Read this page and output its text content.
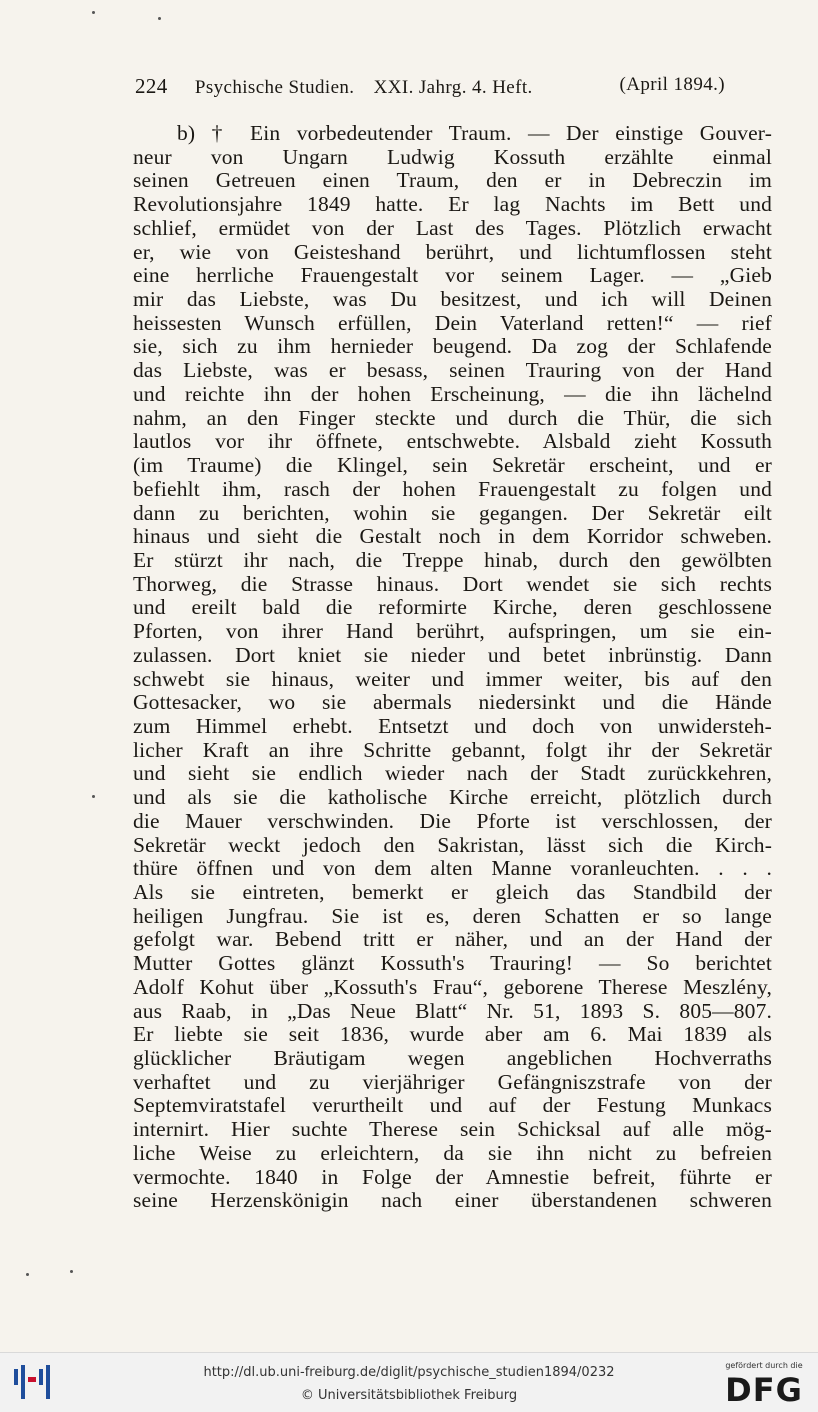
224 Psychische Studien. XXI. Jahrg. 4. Heft.	(April 1894.)
b) † Ein vorbedeutender Traum. — Der einstige Gouver-
neur von Ungarn Ludwig Kossuth erzählte einmal
seinen Getreuen einen Traum, den er in Debreczin im
Revolutionsjahre 1849 hatte. Er lag Nachts im Bett und
schlief, ermüdet von der Last des Tages. Plötzlich erwacht
er, wie von Geisteshand berührt, und lichtumflossen steht
eine herrliche Frauengestalt vor seinem Lager. — „Gieb
mir das Liebste, was Du besitzest, und ich will Deinen
heissesten Wunsch erfüllen, Dein Vaterland retten!“ — rief
sie, sich zu ihm hernieder beugend. Da zog der Schlafende
das Liebste, was er besass, seinen Trauring von der Hand
und reichte ihn der hohen Erscheinung, — die ihn lächelnd
nahm, an den Finger steckte und durch die Thür, die sich
lautlos vor ihr öffnete, entschwebte. Alsbald zieht Kossuth
(im Traume) die Klingel, sein Sekretär erscheint, und er
befiehlt ihm, rasch der hohen Frauengestalt zu folgen und
dann zu berichten, wohin sie gegangen. Der Sekretär eilt
hinaus und sieht die Gestalt noch in dem Korridor schweben.
Er stürzt ihr nach, die Treppe hinab, durch den gewölbten
Thorweg, die Strasse hinaus. Dort wendet sie sich rechts
und ereilt bald die reformirte Kirche, deren geschlossene
Pforten, von ihrer Hand berührt, aufspringen, um sie ein-
zulassen. Dort kniet sie nieder und betet inbrünstig. Dann
schwebt sie hinaus, weiter und immer weiter, bis auf den
Gottesacker, wo sie abermals niedersinkt und die Hände
zum Himmel erhebt. Entsetzt und doch von unwidersteh-
licher Kraft an ihre Schritte gebannt, folgt ihr der Sekretär
und sieht sie endlich wieder nach der Stadt zurückkehren,
und als sie die katholische Kirche erreicht, plötzlich durch
die Mauer verschwinden. Die Pforte ist verschlossen, der
Sekretär weckt jedoch den Sakristan, lässt sich die Kirch-
thüre öffnen und von dem alten Manne voranleuchten. . . .
Als sie eintreten, bemerkt er gleich das Standbild der
heiligen Jungfrau. Sie ist es, deren Schatten er so lange
gefolgt war. Bebend tritt er näher, und an der Hand der
Mutter Gottes glänzt Kossuth's Trauring! — So berichtet
Adolf Kohut über „Kossuth's Frau“, geborene Therese Meszlény,
aus Raab, in „Das Neue Blatt“ Nr. 51, 1893 S. 805—807.
Er liebte sie seit 1836, wurde aber am 6. Mai 1839 als
glücklicher Bräutigam wegen angeblichen Hochverraths
verhaftet und zu vierjähriger Gefängniszstrafe von der
Septemviratstafel verurtheilt und auf der Festung Munkacs
internirt. Hier suchte Therese sein Schicksal auf alle mög-
liche Weise zu erleichtern, da sie ihn nicht zu befreien
vermochte. 1840 in Folge der Amnestie befreit, führte er
seine Herzenskönigin nach einer überstandenen schweren
http://dl.ub.uni-freiburg.de/diglit/psychische_studien1894/0232
© Universitätsbibliothek Freiburg
gefördert durch die
DFG
